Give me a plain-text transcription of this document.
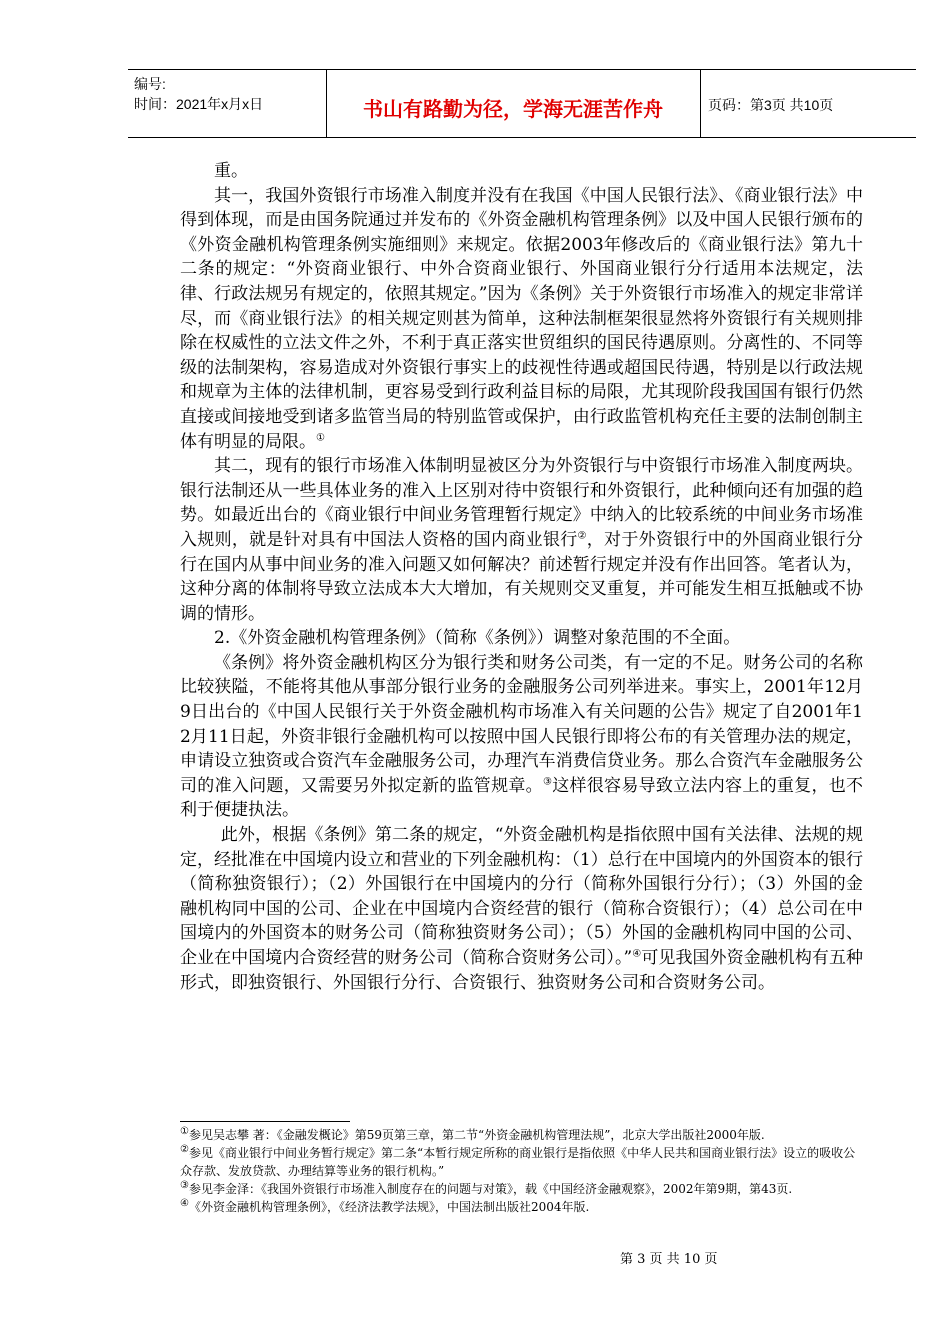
编号:
时间：2021年x月x日	书山有路勤为径，学海无涯苦作舟	页码：第3页 共10页

重。

其一，我国外资银行市场准入制度并没有在我国《中国人民银行法》、《商业银行法》中得到体现，而是由国务院通过并发布的《外资金融机构管理条例》以及中国人民银行颁布的《外资金融机构管理条例实施细则》来规定。依据2003年修改后的《商业银行法》第九十二条的规定：“外资商业银行、中外合资商业银行、外国商业银行分行适用本法规定，法律、行政法规另有规定的，依照其规定。”因为《条例》关于外资银行市场准入的规定非常详尽，而《商业银行法》的相关规定则甚为简单，这种法制框架很显然将外资银行有关规则排除在权威性的立法文件之外，不利于真正落实世贸组织的国民待遇原则。分离性的、不同等级的法制架构，容易造成对外资银行事实上的歧视性待遇或超国民待遇，特别是以行政法规和规章为主体的法律机制，更容易受到行政利益目标的局限，尤其现阶段我国国有银行仍然直接或间接地受到诸多监管当局的特别监管或保护，由行政监管机构充任主要的法制创制主体有明显的局限。①

其二，现有的银行市场准入体制明显被区分为外资银行与中资银行市场准入制度两块。银行法制还从一些具体业务的准入上区别对待中资银行和外资银行，此种倾向还有加强的趋势。如最近出台的《商业银行中间业务管理暂行规定》中纳入的比较系统的中间业务市场准入规则，就是针对具有中国法人资格的国内商业银行②，对于外资银行中的外国商业银行分行在国内从事中间业务的准入问题又如何解决？前述暂行规定并没有作出回答。笔者认为，这种分离的体制将导致立法成本大大增加，有关规则交叉重复，并可能发生相互抵触或不协调的情形。

2.《外资金融机构管理条例》（简称《条例》）调整对象范围的不全面。

《条例》将外资金融机构区分为银行类和财务公司类，有一定的不足。财务公司的名称比较狭隘，不能将其他从事部分银行业务的金融服务公司列举进来。事实上，2001年12月9日出台的《中国人民银行关于外资金融机构市场准入有关问题的公告》规定了自2001年12月11日起，外资非银行金融机构可以按照中国人民银行即将公布的有关管理办法的规定，申请设立独资或合资汽车金融服务公司，办理汽车消费信贷业务。那么合资汽车金融服务公司的准入问题，又需要另外拟定新的监管规章。③这样很容易导致立法内容上的重复，也不利于便捷执法。

此外，根据《条例》第二条的规定，“外资金融机构是指依照中国有关法律、法规的规定，经批准在中国境内设立和营业的下列金融机构：（1）总行在中国境内的外国资本的银行（简称独资银行）；（2）外国银行在中国境内的分行（简称外国银行分行）；（3）外国的金融机构同中国的公司、企业在中国境内合资经营的银行（简称合资银行）；（4）总公司在中国境内的外国资本的财务公司（简称独资财务公司）；（5）外国的金融机构同中国的公司、企业在中国境内合资经营的财务公司（简称合资财务公司）。”④可见我国外资金融机构有五种形式，即独资银行、外国银行分行、合资银行、独资财务公司和合资财务公司。

①参见吴志攀 著：《金融发概论》第59页第三章，第二节“外资金融机构管理法规”，北京大学出版社2000年版.

②参见《商业银行中间业务暂行规定》第二条“本暂行规定所称的商业银行是指依照《中华人民共和国商业银行法》设立的吸收公众存款、发放贷款、办理结算等业务的银行机构。”

③参见李金泽：《我国外资银行市场准入制度存在的问题与对策》，载《中国经济金融观察》，2002年第9期，第43页.

④《外资金融机构管理条例》，《经济法教学法规》，中国法制出版社2004年版.

第 3 页 共 10 页
